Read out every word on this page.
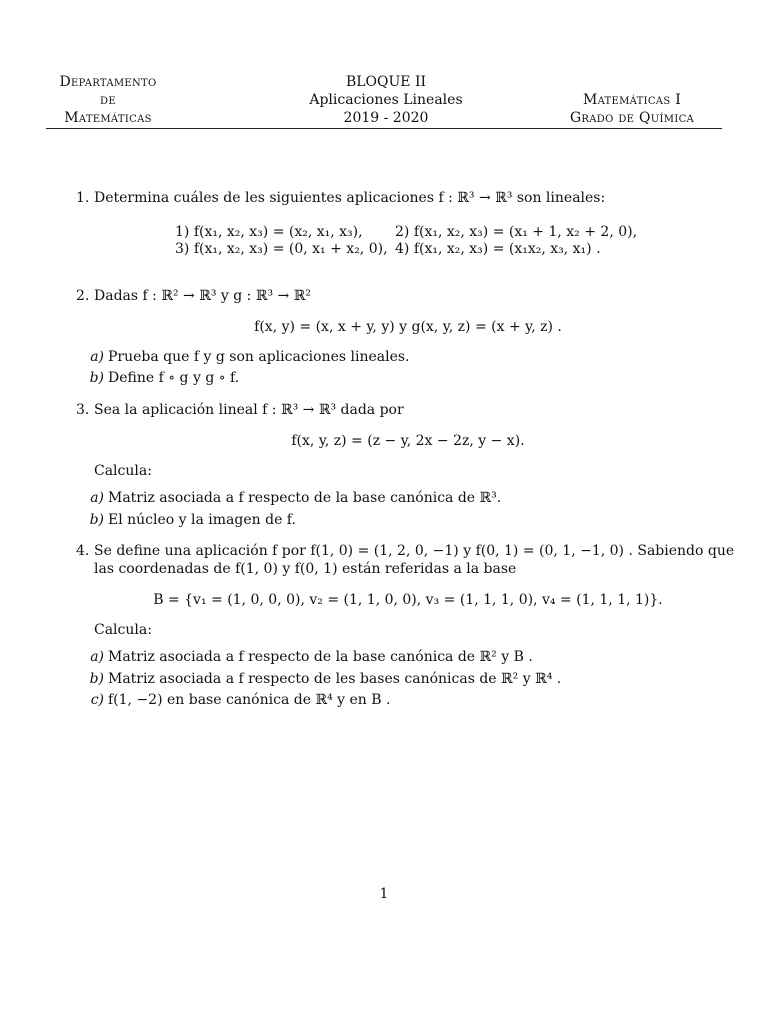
Departamento
de
Matemáticas
BLOQUE II
Aplicaciones Lineales
2019 - 2020
Matemáticas I
Grado de Química
1. Determina cuáles de les siguientes aplicaciones f : ℝ³ → ℝ³ son lineales:
1) f(x₁, x₂, x₃) = (x₂, x₁, x₃),	2) f(x₁, x₂, x₃) = (x₁ + 1, x₂ + 2, 0),
3) f(x₁, x₂, x₃) = (0, x₁ + x₂, 0), 4) f(x₁, x₂, x₃) = (x₁x₂, x₃, x₁) .
2. Dadas f : ℝ² → ℝ³ y g : ℝ³ → ℝ²
f(x, y) = (x, x + y, y) y g(x, y, z) = (x + y, z) .
a) Prueba que f y g son aplicaciones lineales.
b) Define f ∘ g y g ∘ f.
3. Sea la aplicación lineal f : ℝ³ → ℝ³ dada por
f(x, y, z) = (z − y, 2x − 2z, y − x).
Calcula:
a) Matriz asociada a f respecto de la base canónica de ℝ³.
b) El núcleo y la imagen de f.
4. Se define una aplicación f por f(1, 0) = (1, 2, 0, −1) y f(0, 1) = (0, 1, −1, 0) . Sabiendo que
las coordenadas de f(1, 0) y f(0, 1) están referidas a la base
B = {v₁ = (1, 0, 0, 0), v₂ = (1, 1, 0, 0), v₃ = (1, 1, 1, 0), v₄ = (1, 1, 1, 1)}.
Calcula:
a) Matriz asociada a f respecto de la base canónica de ℝ² y B .
b) Matriz asociada a f respecto de les bases canónicas de ℝ² y ℝ⁴ .
c) f(1, −2) en base canónica de ℝ⁴ y en B .
1
